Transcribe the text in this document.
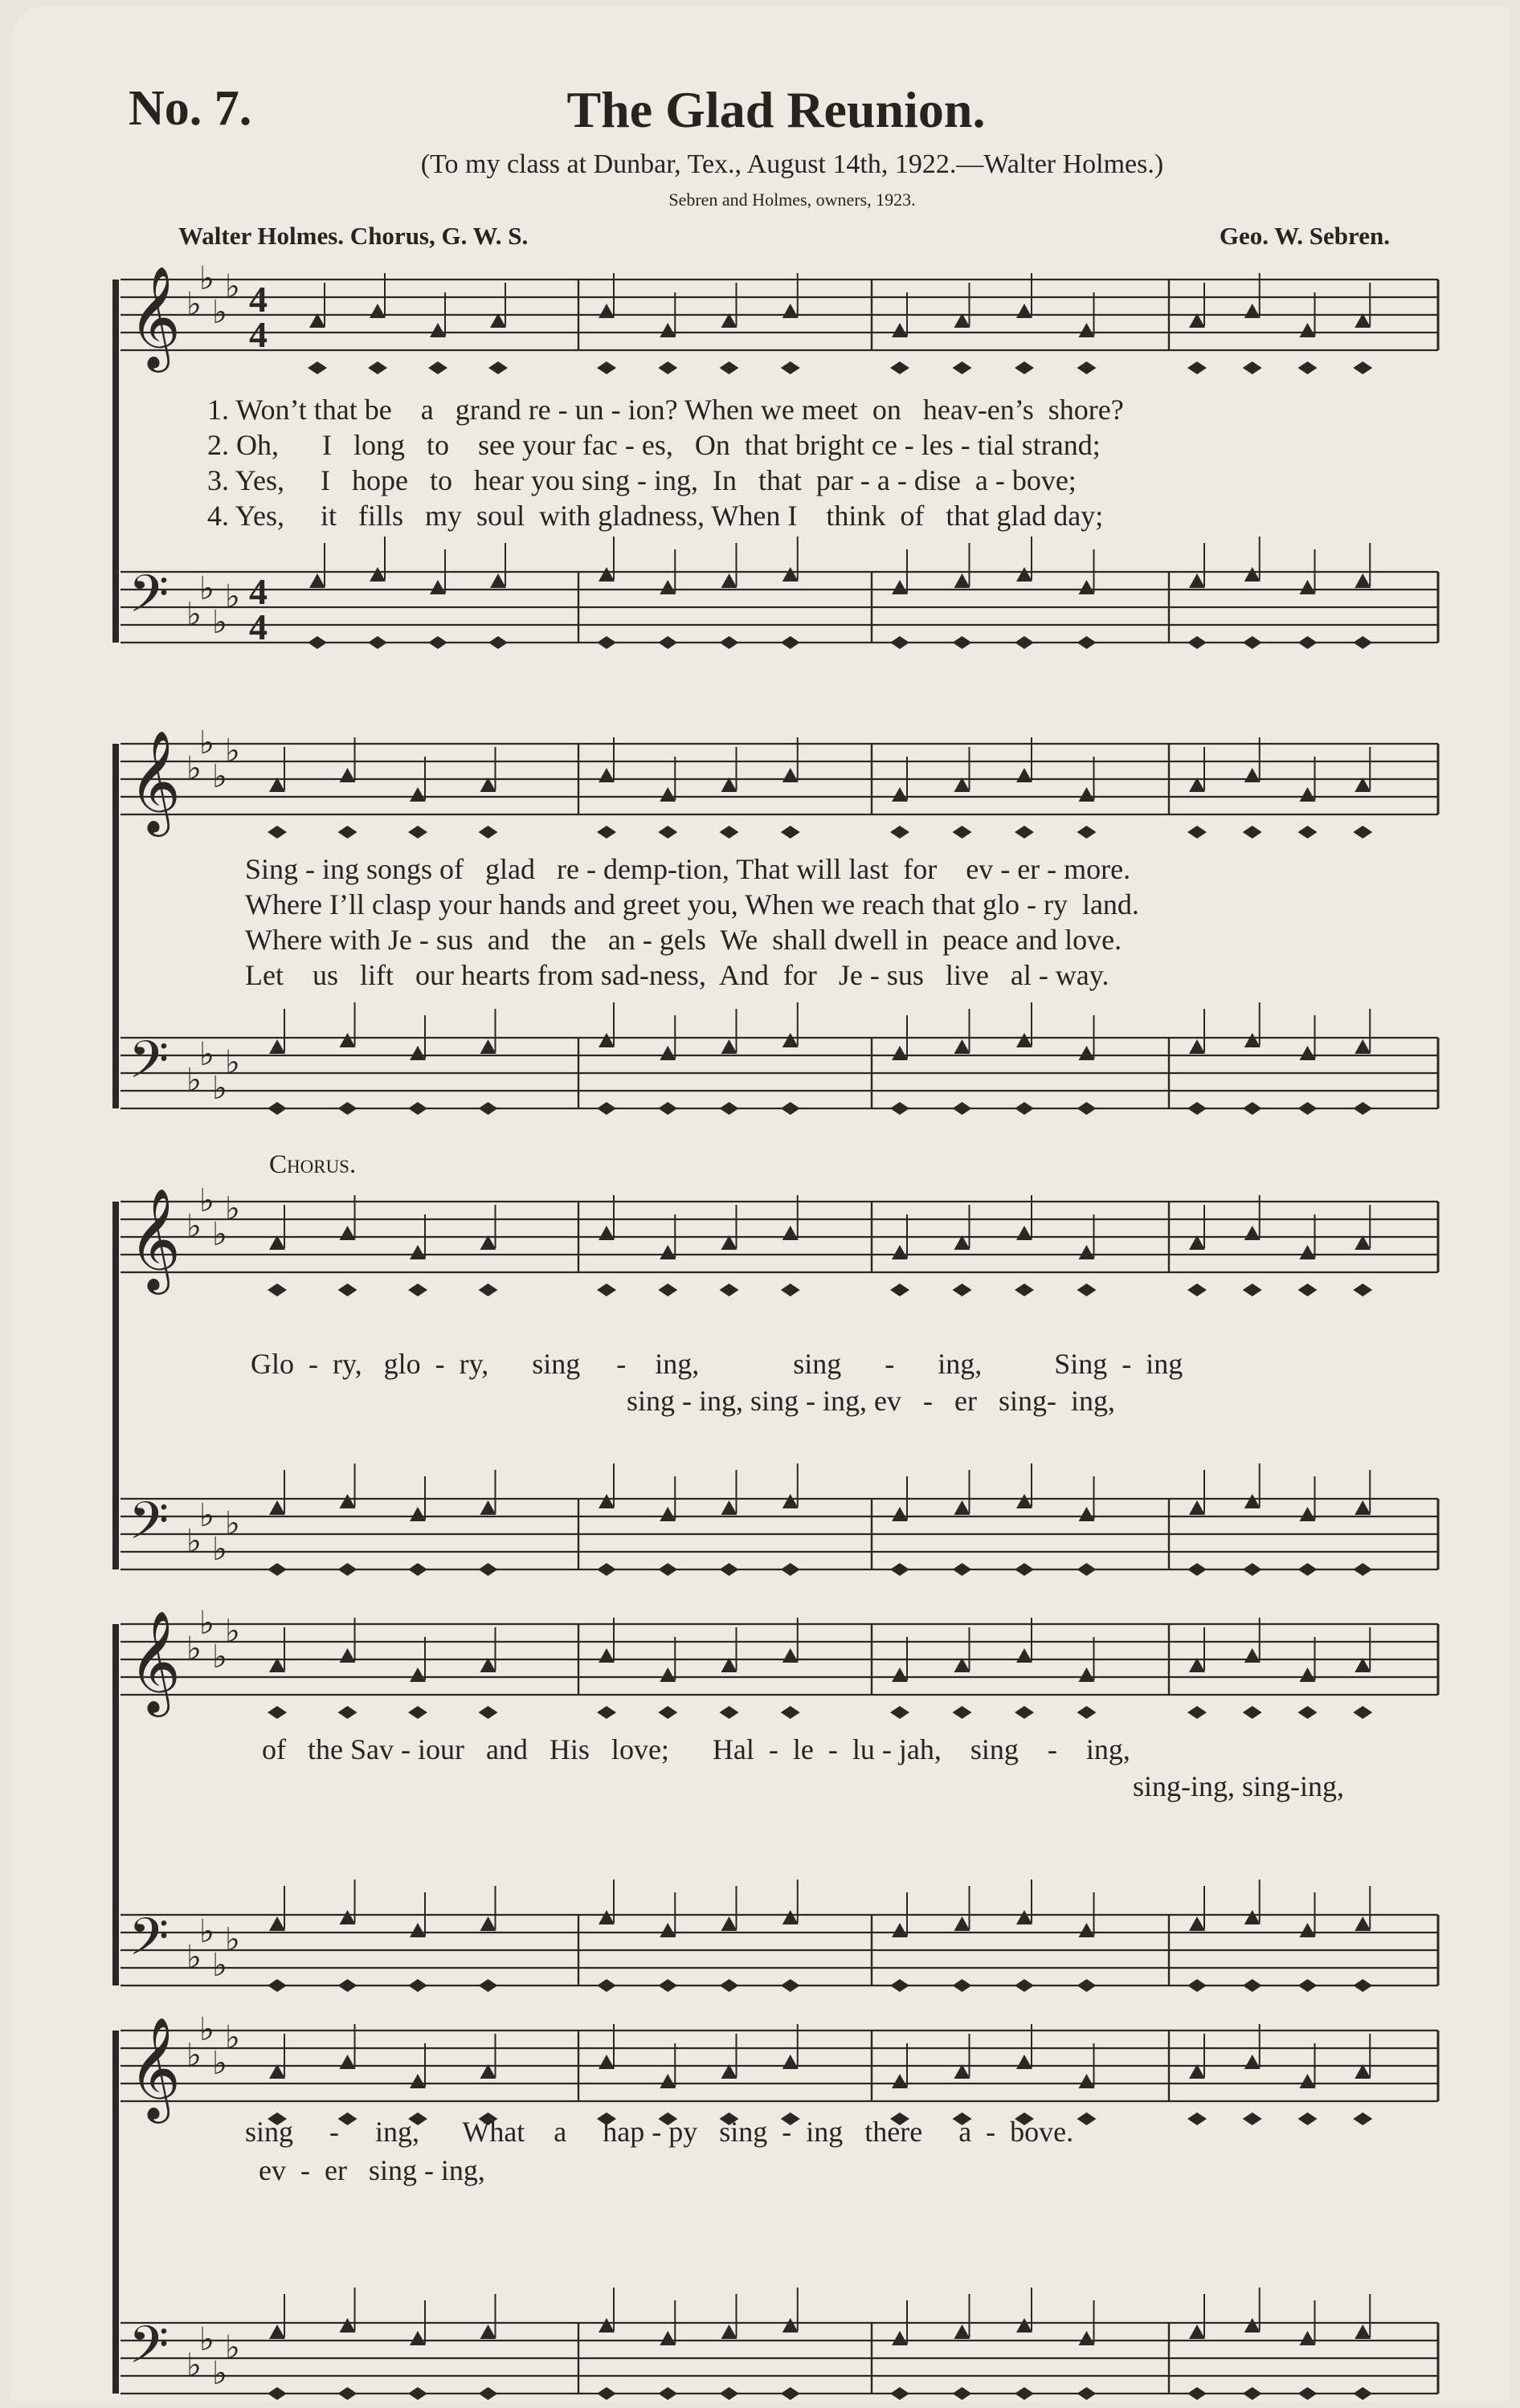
No. 7.	The Glad Reunion.
(To my class at Dunbar, Tex., August 14th, 1922.—Walter Holmes.)
Sebren and Holmes, owners, 1923.
Walter Holmes. Chorus, G. W. S.	Geo. W. Sebren.
𝄞
𝄢
♭
♭
♭
♭
♭
♭
♭
♭
4
4
4
4
1. Won’t that be    a   grand re - un - ion? When we meet  on   heav-en’s  shore?
2. Oh,      I   long   to    see your fac - es,   On  that bright ce - les - tial strand;
3. Yes,     I   hope   to   hear you sing - ing,  In   that  par - a - dise  a - bove;
4. Yes,     it   fills   my  soul  with gladness, When I    think  of   that glad day;
𝄞
𝄢
♭
♭
♭
♭
♭
♭
♭
♭
Sing - ing songs of   glad   re - demp-tion, That will last  for    ev - er - more.
Where I’ll clasp your hands and greet you, When we reach that glo - ry  land.
Where with Je - sus  and   the   an - gels  We  shall dwell in  peace and love.
Let    us   lift   our hearts from sad-ness,  And  for   Je - sus   live   al - way.
Chorus.
𝄞
𝄢
♭
♭
♭
♭
♭
♭
♭
♭
Glo  -  ry,   glo  -  ry,      sing     -    ing,             sing      -      ing,          Sing  -  ing
sing - ing, sing - ing, ev   -   er   sing-  ing,
𝄞
𝄢
♭
♭
♭
♭
♭
♭
♭
♭
of   the Sav - iour   and   His   love;      Hal  -  le  -  lu - jah,    sing    -    ing,
sing-ing, sing-ing,
𝄞
𝄢
♭
♭
♭
♭
♭
♭
♭
♭
sing     -     ing,      What    a     hap - py   sing  -  ing   there     a  -  bove.
ev  -  er   sing - ing,
